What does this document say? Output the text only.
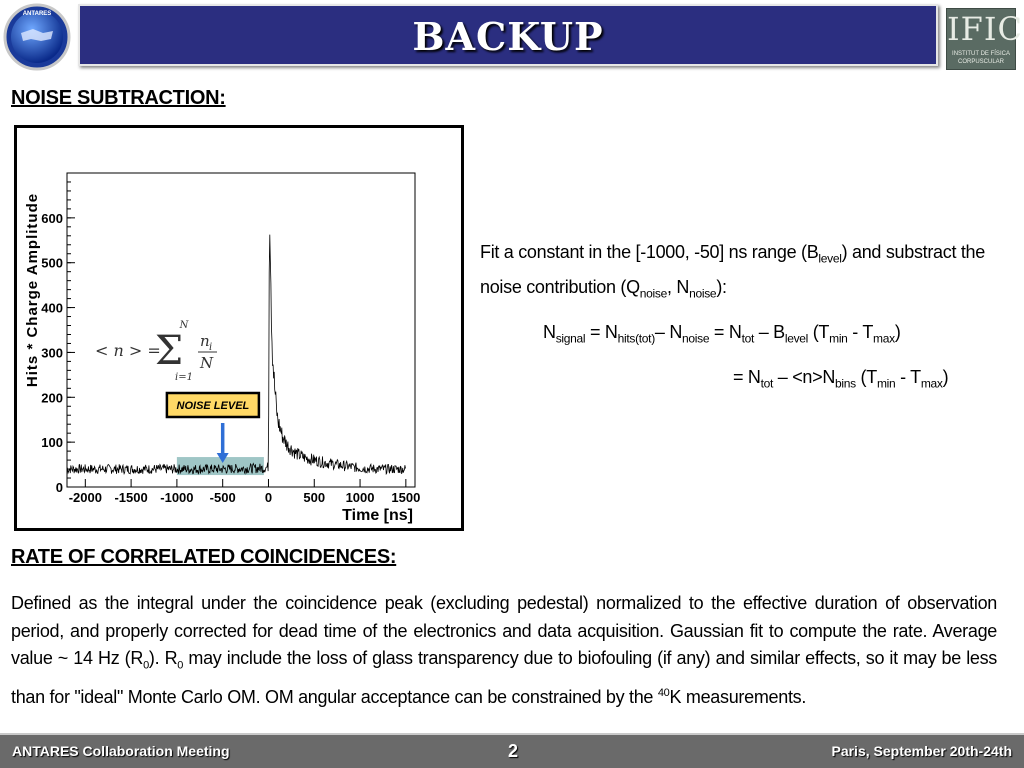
ANTARES	BACKUP	IFIC
INSTITUT DE FÍSICA
CORPUSCULAR
NOISE SUBTRACTION:
-2000 -1500 -1000 -500 0 500 1000 1500
0
100
200
300
400
500
600
Time [ns]
Hits * Charge Amplitude
NOISE LEVEL
< n > =
Σ
N
i=1
n i
N
Fit a constant in the [-1000, -50] ns range $(B_{level})$ and substract the noise contribution ($Q_{noise}$, $N_{noise}$):
$N_{signal} = N_{hits(tot)}-$ $N_{noise} = N_{tot} - B_{level}$ $(T_{min} - T_{max})$
= $N_{tot} - <n>N_{bins}$ $(T_{min} - T_{max})$
RATE OF CORRELATED COINCIDENCES:
Defined as the integral under the coincidence peak (excluding pedestal) normalized to the effective duration of observation period, and properly corrected for dead time of the electronics and data acquisition. Gaussian fit to compute the rate. Average value ~ 14 Hz $(R_0)$. $R_0$ may include the loss of glass transparency due to biofouling (if any) and similar effects, so it may be less than for "ideal" Monte Carlo OM. OM angular acceptance can be constrained by the $^{40}$K measurements.
ANTARES Collaboration Meeting	2	Paris, September 20th-24th
